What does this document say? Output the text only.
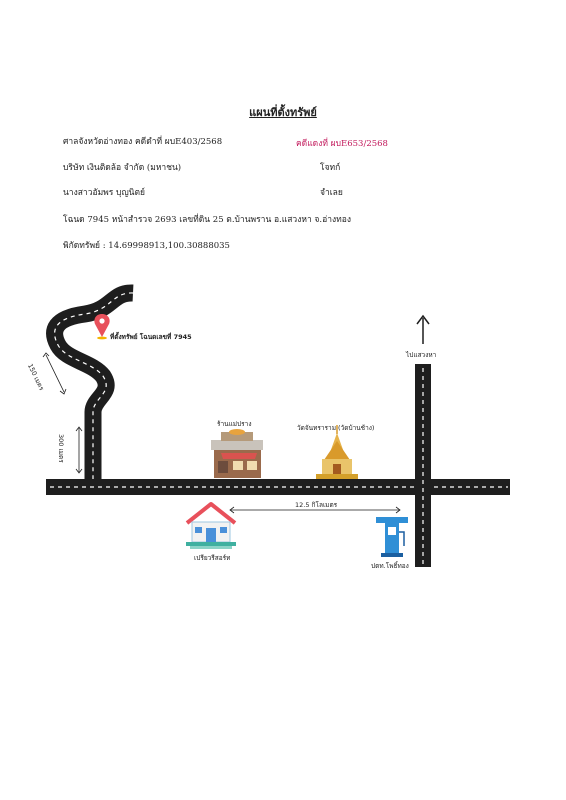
แผนที่ตั้งทรัพย์
ศาลจังหวัดอ่างทอง คดีดำที่ ผบE403/2568	คดีแดงที่ ผบE653/2568
บริษัท เงินติดล้อ จำกัด (มหาชน)	โจทก์
นางสาวอัมพร บุญนิตย์	จำเลย
โฉนด 7945 หน้าสำรวจ 2693 เลขที่ดิน 25 ต.บ้านพราน อ.แสวงหา จ.อ่างทอง
พิกัดทรัพย์ : 14.69998913,100.30888035
ที่ตั้งทรัพย์ โฉนดเลขที่ 7945
150 เมตร
300 เมตร
ร้านแม่ปราง	วัดจันทราราม (วัดบ้านช้าง)
ไปแสวงหา
12.5 กิโลเมตร
เปรียวรีสอร์ท
ปตท.โพธิ์ทอง
